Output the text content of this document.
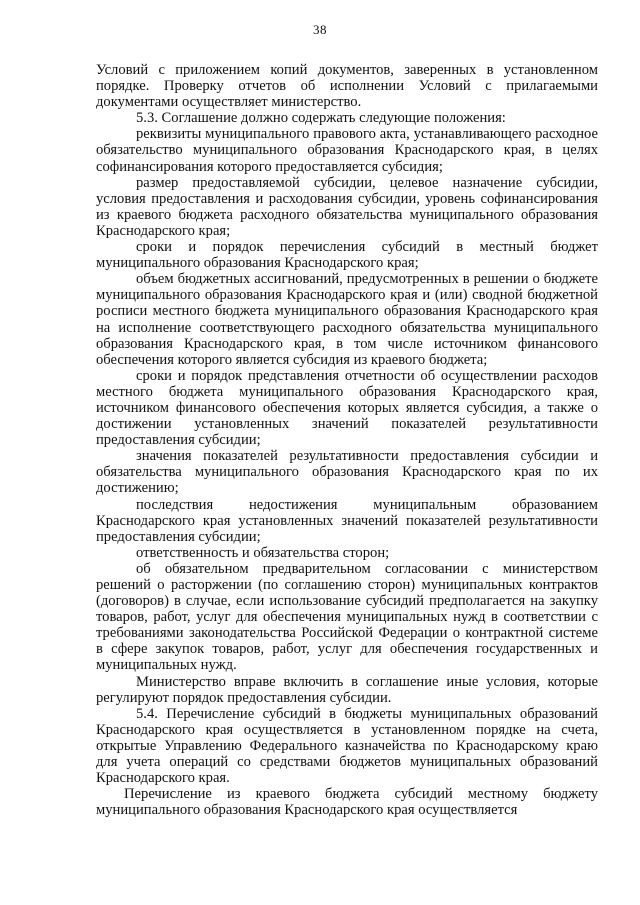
38

Условий с приложением копий документов, заверенных в установленном порядке. Проверку отчетов об исполнении Условий с прилагаемыми документами осуществляет министерство.

5.3. Соглашение должно содержать следующие положения:

реквизиты муниципального правового акта, устанавливающего расходное обязательство муниципального образования Краснодарского края, в целях софинансирования которого предоставляется субсидия;

размер предоставляемой субсидии, целевое назначение субсидии, условия предоставления и расходования субсидии, уровень софинансирования из краевого бюджета расходного обязательства муниципального образования Краснодарского края;

сроки и порядок перечисления субсидий в местный бюджет муниципального образования Краснодарского края;

объем бюджетных ассигнований, предусмотренных в решении о бюджете муниципального образования Краснодарского края и (или) сводной бюджетной росписи местного бюджета муниципального образования Краснодарского края на исполнение соответствующего расходного обязательства муниципального образования Краснодарского края, в том числе источником финансового обеспечения которого является субсидия из краевого бюджета;

сроки и порядок представления отчетности об осуществлении расходов местного бюджета муниципального образования Краснодарского края, источником финансового обеспечения которых является субсидия, а также о достижении установленных значений показателей результативности предоставления субсидии;

значения показателей результативности предоставления субсидии и обязательства муниципального образования Краснодарского края по их достижению;

последствия недостижения муниципальным образованием Краснодарского края установленных значений показателей результативности предоставления субсидии;

ответственность и обязательства сторон;

об обязательном предварительном согласовании с министерством решений о расторжении (по соглашению сторон) муниципальных контрактов (договоров) в случае, если использование субсидий предполагается на закупку товаров, работ, услуг для обеспечения муниципальных нужд в соответствии с требованиями законодательства Российской Федерации о контрактной системе в сфере закупок товаров, работ, услуг для обеспечения государственных и муниципальных нужд.

Министерство вправе включить в соглашение иные условия, которые регулируют порядок предоставления субсидии.

5.4. Перечисление субсидий в бюджеты муниципальных образований Краснодарского края осуществляется в установленном порядке на счета, открытые Управлению Федерального казначейства по Краснодарскому краю для учета операций со средствами бюджетов муниципальных образований Краснодарского края.

Перечисление из краевого бюджета субсидий местному бюджету муниципального образования Краснодарского края осуществляется
